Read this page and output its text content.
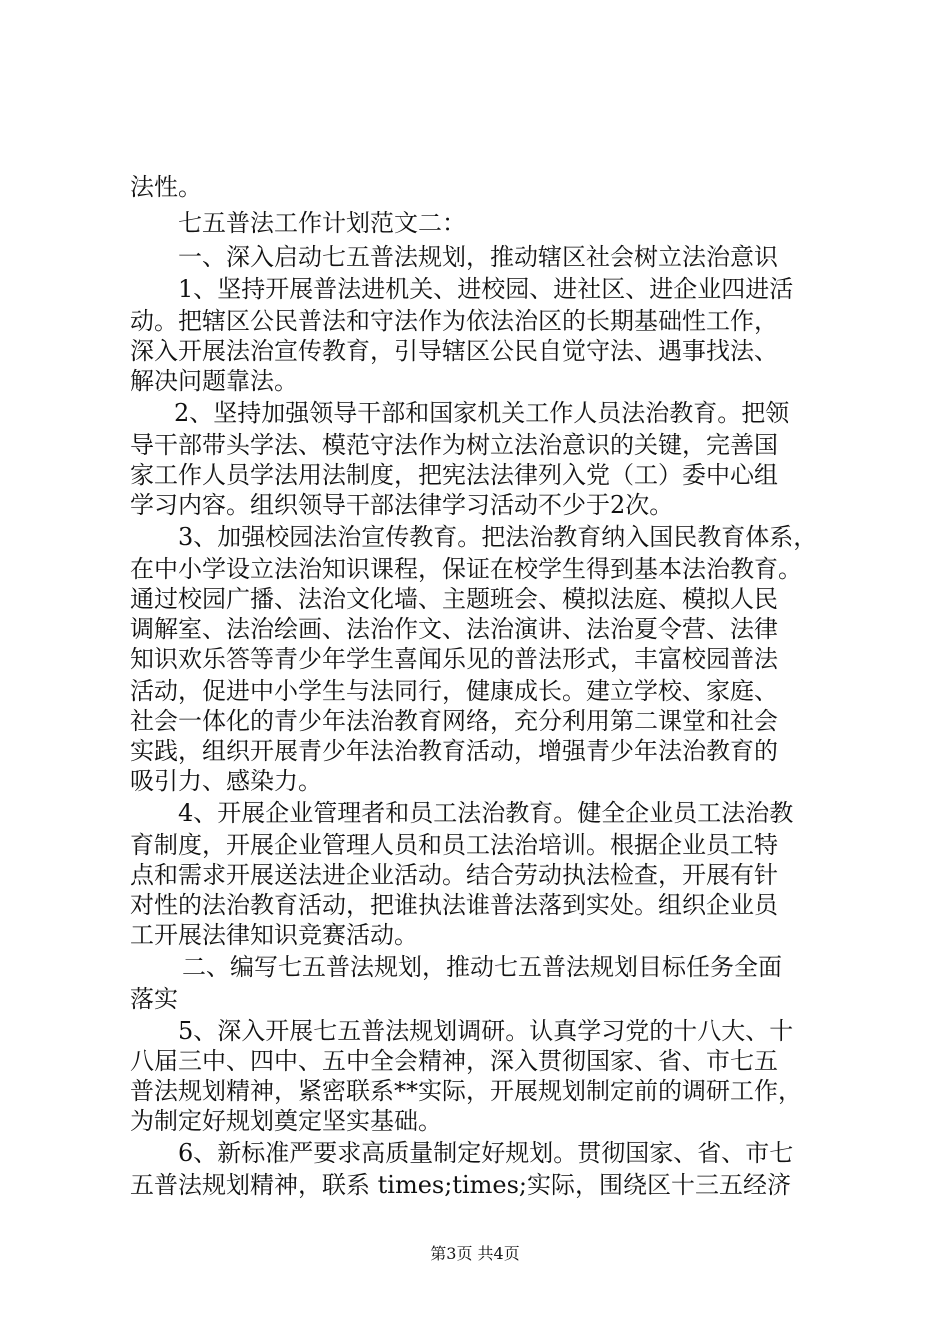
法性。
七五普法工作计划范文二：
一、深入启动七五普法规划，推动辖区社会树立法治意识
1、坚持开展普法进机关、进校园、进社区、进企业四进活
动。把辖区公民普法和守法作为依法治区的长期基础性工作，
深入开展法治宣传教育，引导辖区公民自觉守法、遇事找法、
解决问题靠法。
2、坚持加强领导干部和国家机关工作人员法治教育。把领
导干部带头学法、模范守法作为树立法治意识的关键，完善国
家工作人员学法用法制度，把宪法法律列入党（工）委中心组
学习内容。组织领导干部法律学习活动不少于2次。
3、加强校园法治宣传教育。把法治教育纳入国民教育体系，
在中小学设立法治知识课程，保证在校学生得到基本法治教育。
通过校园广播、法治文化墙、主题班会、模拟法庭、模拟人民
调解室、法治绘画、法治作文、法治演讲、法治夏令营、法律
知识欢乐答等青少年学生喜闻乐见的普法形式，丰富校园普法
活动，促进中小学生与法同行，健康成长。建立学校、家庭、
社会一体化的青少年法治教育网络，充分利用第二课堂和社会
实践，组织开展青少年法治教育活动，增强青少年法治教育的
吸引力、感染力。
4、开展企业管理者和员工法治教育。健全企业员工法治教
育制度，开展企业管理人员和员工法治培训。根据企业员工特
点和需求开展送法进企业活动。结合劳动执法检查，开展有针
对性的法治教育活动，把谁执法谁普法落到实处。组织企业员
工开展法律知识竞赛活动。
二、编写七五普法规划，推动七五普法规划目标任务全面
落实
5、深入开展七五普法规划调研。认真学习党的十八大、十
八届三中、四中、五中全会精神，深入贯彻国家、省、市七五
普法规划精神，紧密联系**实际，开展规划制定前的调研工作，
为制定好规划奠定坚实基础。
6、新标准严要求高质量制定好规划。贯彻国家、省、市七
五普法规划精神，联系 times;times;实际，围绕区十三五经济
第3页 共4页
